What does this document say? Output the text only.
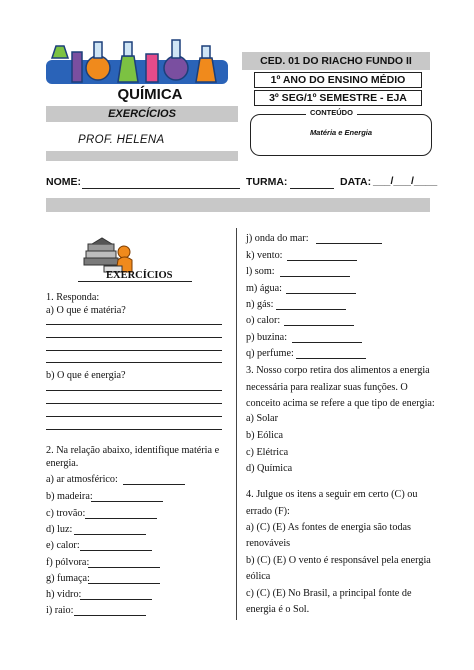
QUÍMICA
EXERCÍCIOS
PROF. HELENA
CED. 01 DO RIACHO FUNDO II
1º ANO DO ENSINO MÉDIO
3º SEG/1º SEMESTRE - EJA
CONTEÚDO
Matéria e Energia
NOME:	TURMA:	DATA: ___/___/____
EXERCÍCIOS
1. Responda:
a) O que é matéria?
b) O que é energia?
2. Na relação abaixo, identifique matéria e
energia.
a) ar atmosférico:
b) madeira:
c) trovão:
d) luz:
e) calor:
f) pólvora:
g) fumaça:
h) vidro:
i) raio:
j) onda do mar:
k) vento:
l) som:
m) água:
n) gás:
o) calor:
p) buzina:
q) perfume:
3. Nosso corpo retira dos alimentos a energia
necessária para realizar suas funções. O
conceito acima se refere a que tipo de energia:
a) Solar
b) Eólica
c) Elétrica
d) Química
4. Julgue os itens a seguir em certo (C) ou
errado (F):
a) (C) (E) As fontes de energia são todas
renováveis
b) (C) (E) O vento é responsável pela energia
eólica
c) (C) (E) No Brasil, a principal fonte de
energia é o Sol.
